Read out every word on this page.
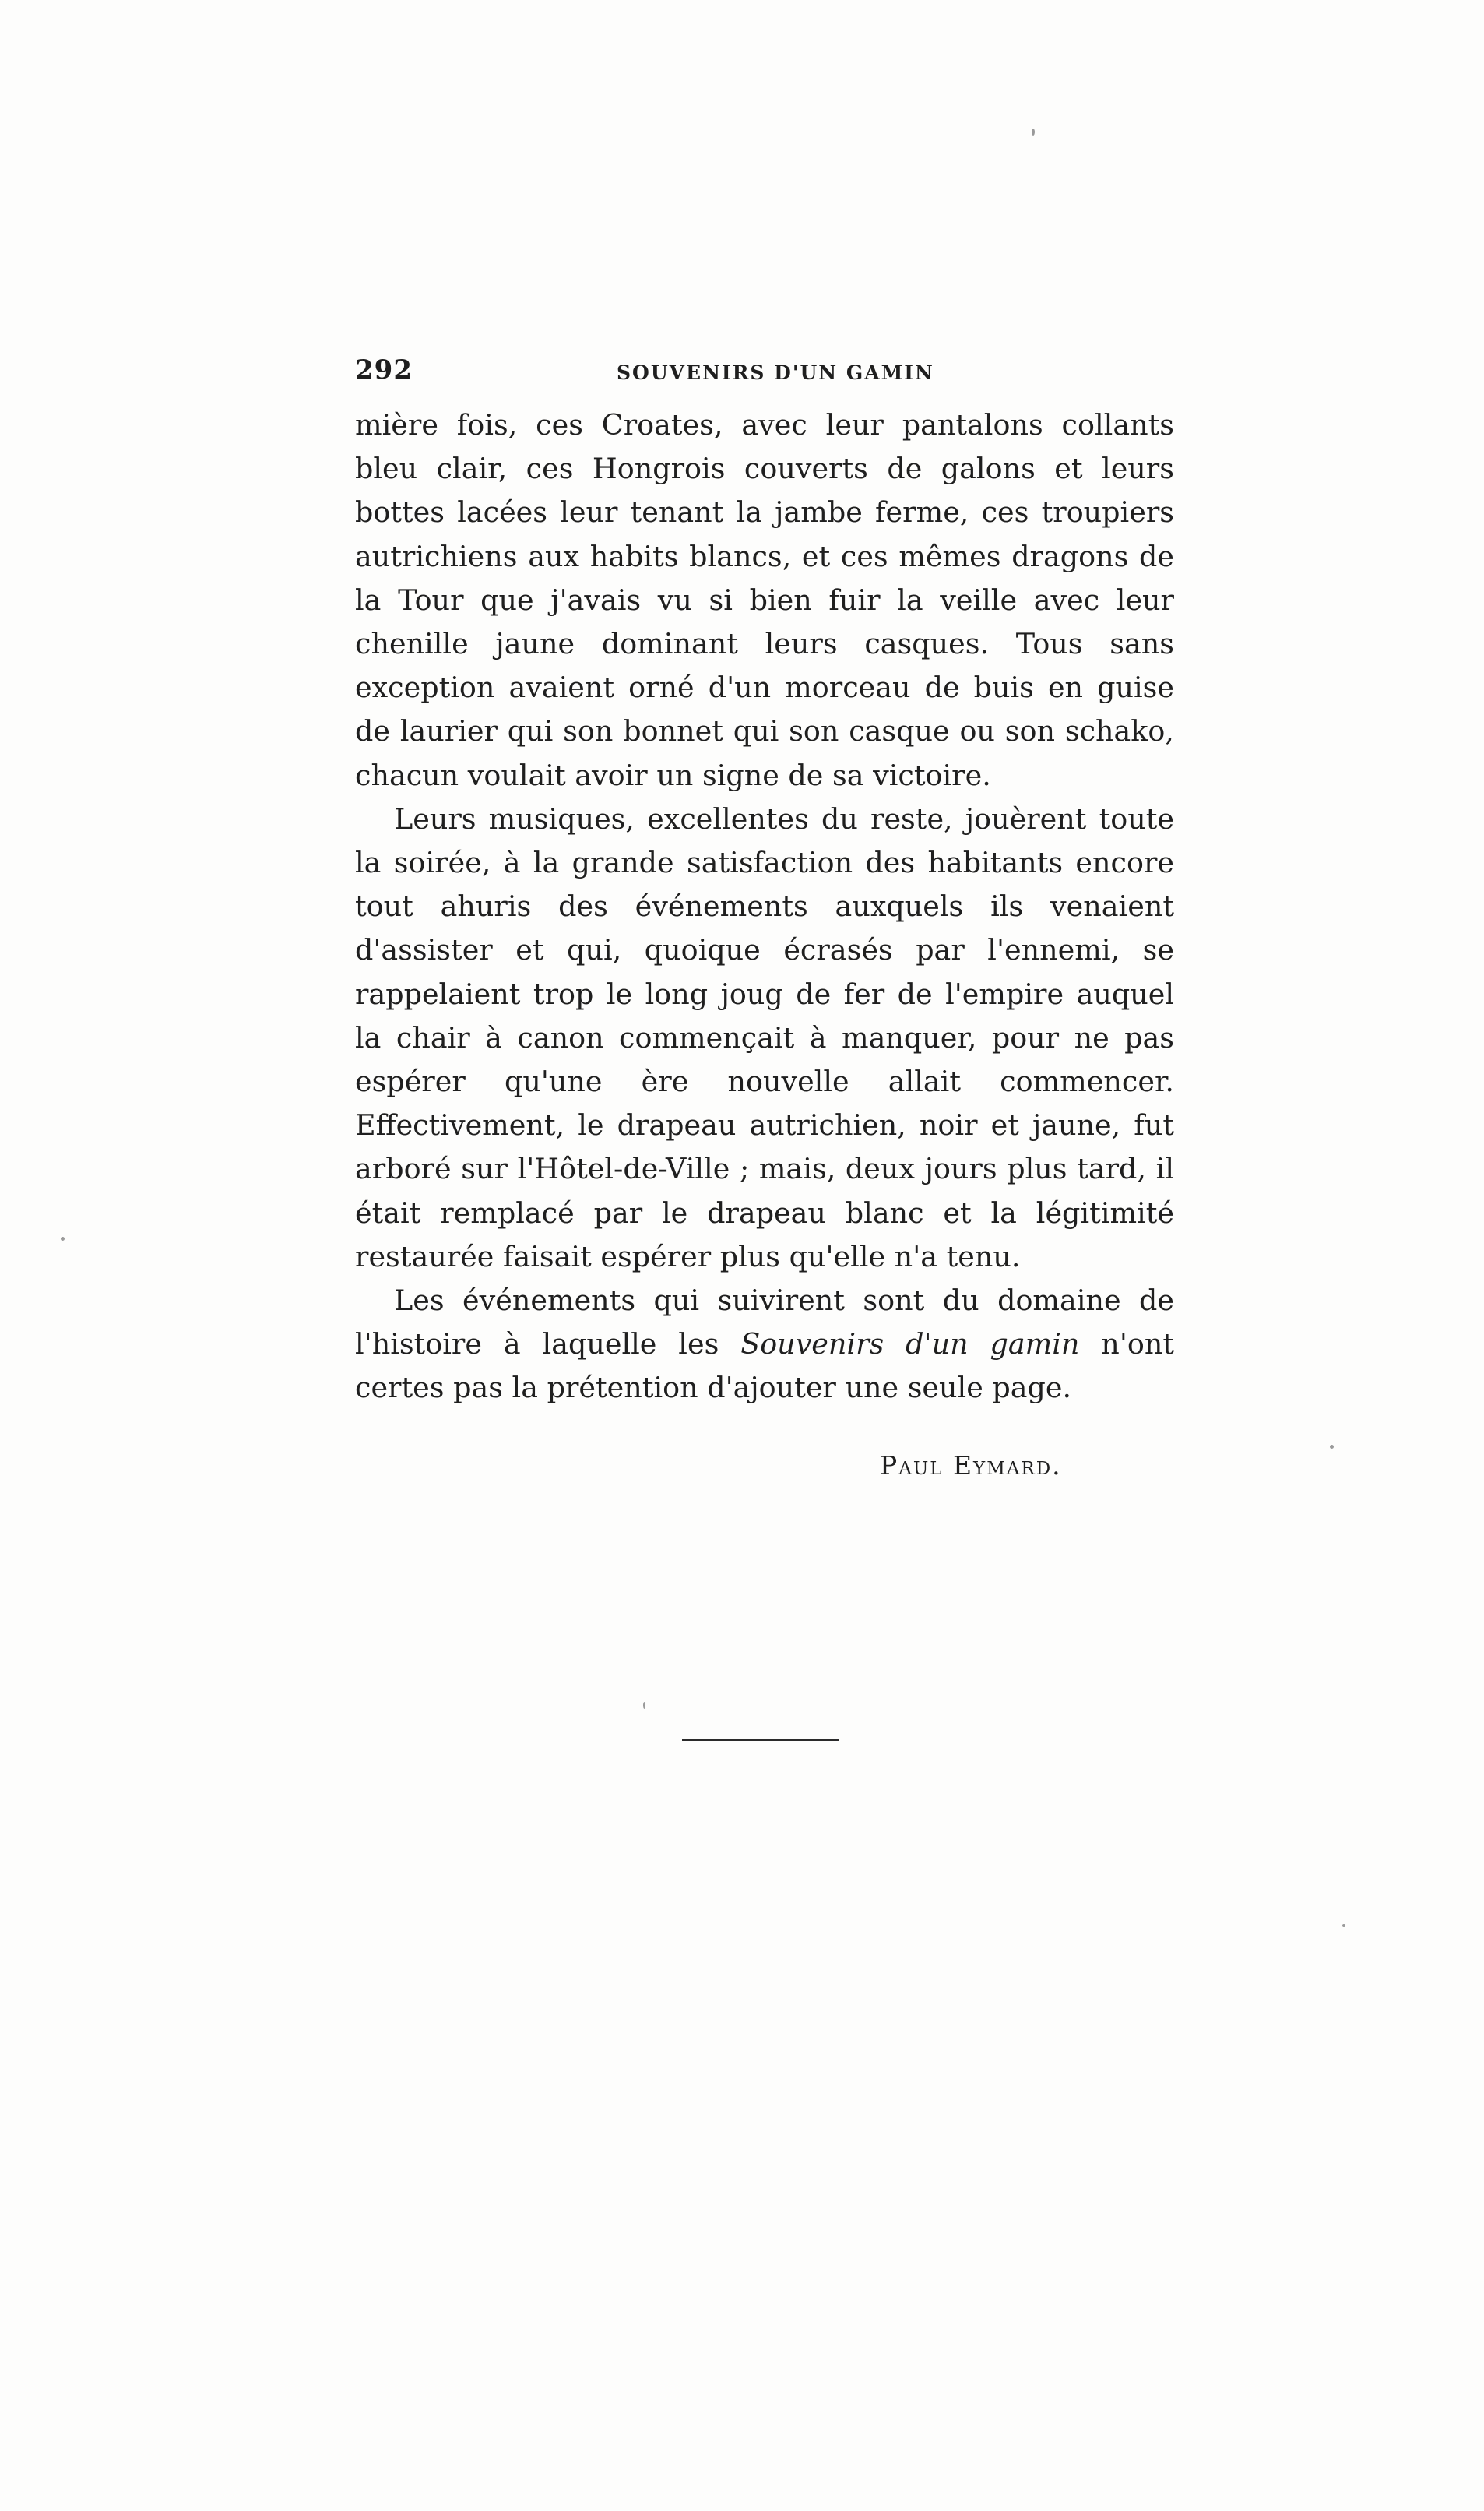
292	SOUVENIRS D'UN GAMIN

mière fois, ces Croates, avec leur pantalons collants bleu clair, ces Hongrois couverts de galons et leurs bottes lacées leur tenant la jambe ferme, ces troupiers autrichiens aux habits blancs, et ces mêmes dragons de la Tour que j'avais vu si bien fuir la veille avec leur chenille jaune dominant leurs casques. Tous sans exception avaient orné d'un morceau de buis en guise de laurier qui son bonnet qui son casque ou son schako, chacun voulait avoir un signe de sa victoire.

Leurs musiques, excellentes du reste, jouèrent toute la soirée, à la grande satisfaction des habitants encore tout ahuris des événements auxquels ils venaient d'assister et qui, quoique écrasés par l'ennemi, se rappelaient trop le long joug de fer de l'empire auquel la chair à canon commençait à manquer, pour ne pas espérer qu'une ère nouvelle allait commencer. Effectivement, le drapeau autrichien, noir et jaune, fut arboré sur l'Hôtel-de-Ville ; mais, deux jours plus tard, il était remplacé par le drapeau blanc et la légitimité restaurée faisait espérer plus qu'elle n'a tenu.

Les événements qui suivirent sont du domaine de l'histoire à laquelle les Souvenirs d'un gamin n'ont certes pas la prétention d'ajouter une seule page.

Paul Eymard.
